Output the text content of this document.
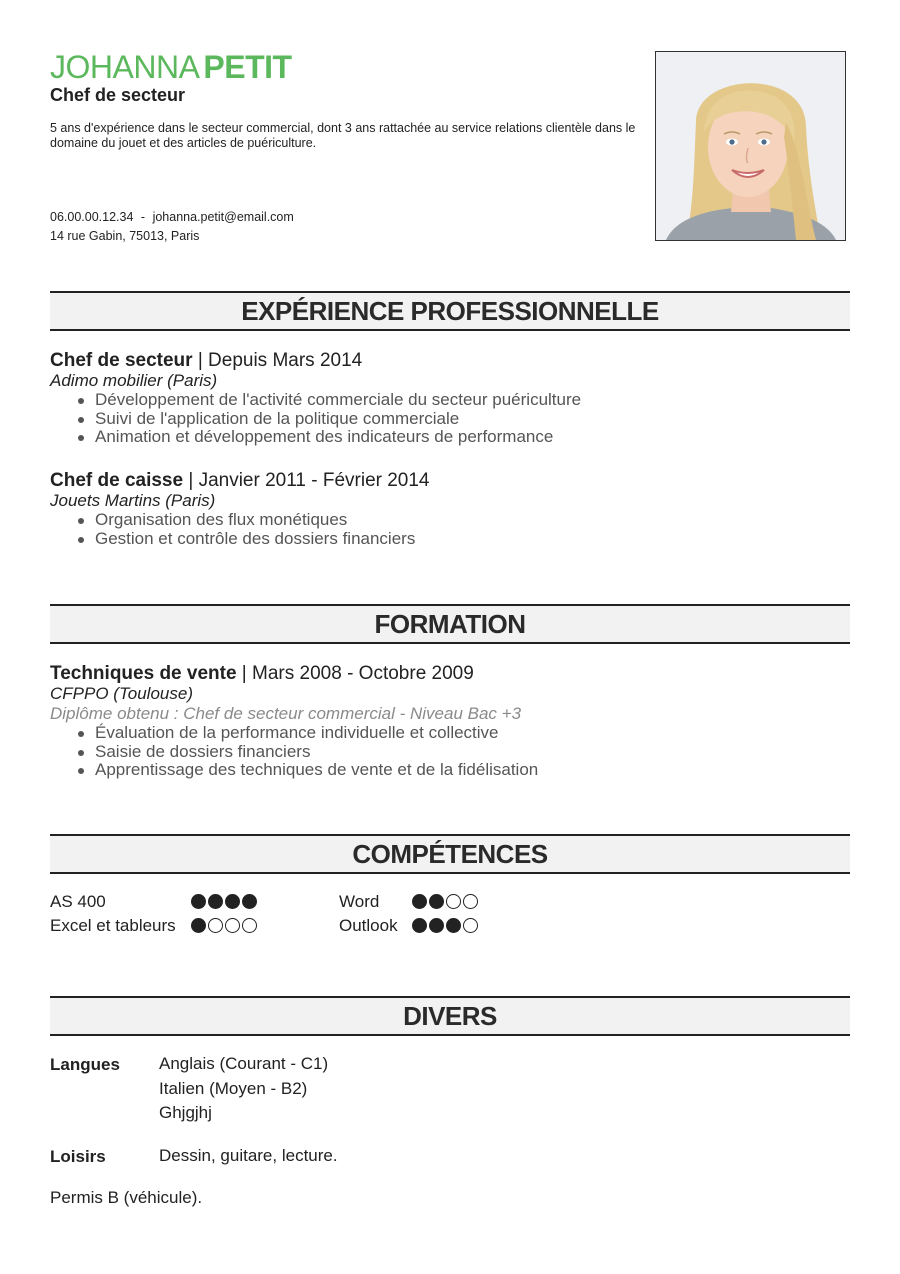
JOHANNA PETIT
Chef de secteur
5 ans d'expérience dans le secteur commercial, dont 3 ans rattachée au service relations clientèle dans le domaine du jouet et des articles de puériculture.
06.00.00.12.34 - johanna.petit@email.com
14 rue Gabin, 75013, Paris
EXPÉRIENCE PROFESSIONNELLE
Chef de secteur | Depuis Mars 2014
Adimo mobilier (Paris)
Développement de l'activité commerciale du secteur puériculture
Suivi de l'application de la politique commerciale
Animation et développement des indicateurs de performance
Chef de caisse | Janvier 2011 - Février 2014
Jouets Martins (Paris)
Organisation des flux monétiques
Gestion et contrôle des dossiers financiers
FORMATION
Techniques de vente | Mars 2008 - Octobre 2009
CFPPO (Toulouse)
Diplôme obtenu : Chef de secteur commercial - Niveau Bac +3
Évaluation de la performance individuelle et collective
Saisie de dossiers financiers
Apprentissage des techniques de vente et de la fidélisation
COMPÉTENCES
AS 400	Word
Excel et tableurs	Outlook
DIVERS
Langues Anglais (Courant - C1)
Italien (Moyen - B2)
Ghjgjhj
Loisirs	Dessin, guitare, lecture.
Permis B (véhicule).
